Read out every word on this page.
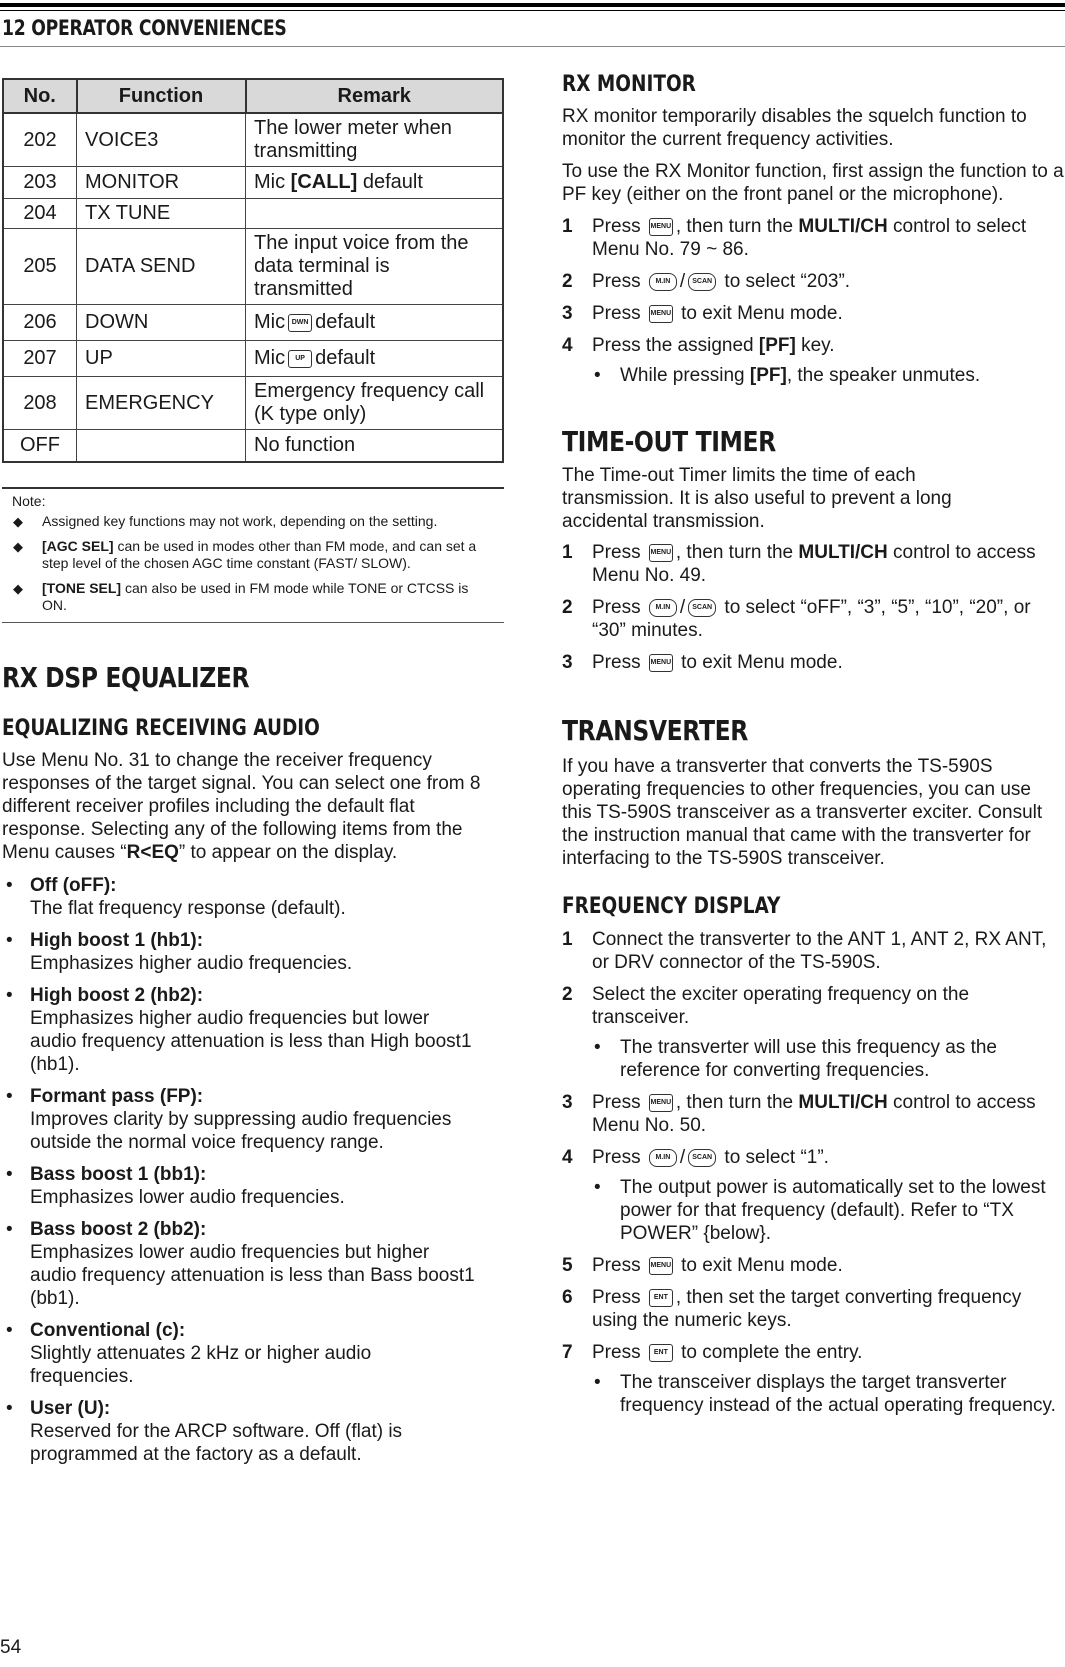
12 OPERATOR CONVENIENCES
No.	Function	Remark
202	VOICE3	The lower meter when transmitting
203	MONITOR	Mic [CALL] default
204	TX TUNE	
205	DATA SEND	The input voice from the data terminal is transmitted
206	DOWN	Mic DWN default
207	UP	Mic UP default
208	EMERGENCY	Emergency frequency call (K type only)
OFF		No function
Note:
◆ Assigned key functions may not work, depending on the setting.
◆ [AGC SEL] can be used in modes other than FM mode, and can set a step level of the chosen AGC time constant (FAST/ SLOW).
◆ [TONE SEL] can also be used in FM mode while TONE or CTCSS is ON.
RX DSP EQUALIZER
EQUALIZING RECEIVING AUDIO

Use Menu No. 31 to change the receiver frequency responses of the target signal. You can select one from 8 different receiver profiles including the default flat response. Selecting any of the following items from the Menu causes “R<EQ” to appear on the display.

• Off (oFF):
The flat frequency response (default).
• High boost 1 (hb1):
Emphasizes higher audio frequencies.
• High boost 2 (hb2):
Emphasizes higher audio frequencies but lower audio frequency attenuation is less than High boost1 (hb1).
• Formant pass (FP):
Improves clarity by suppressing audio frequencies outside the normal voice frequency range.
• Bass boost 1 (bb1):
Emphasizes lower audio frequencies.
• Bass boost 2 (bb2):
Emphasizes lower audio frequencies but higher audio frequency attenuation is less than Bass boost1 (bb1).
• Conventional (c):
Slightly attenuates 2 kHz or higher audio frequencies.
• User (U):
Reserved for the ARCP software. Off (flat) is programmed at the factory as a default.
RX MONITOR

RX monitor temporarily disables the squelch function to monitor the current frequency activities.

To use the RX Monitor function, first assign the function to a PF key (either on the front panel or the microphone).

1 Press MENU , then turn the MULTI/CH control to select Menu No. 79 ~ 86.
2 Press M.IN / SCAN to select “203”.
3 Press MENU to exit Menu mode.
4 Press the assigned [PF] key.
• While pressing [PF], the speaker unmutes.
TIME-OUT TIMER

The Time-out Timer limits the time of each transmission. It is also useful to prevent a long accidental transmission.

1 Press MENU , then turn the MULTI/CH control to access Menu No. 49.
2 Press M.IN / SCAN to select “oFF”, “3”, “5”, “10”, “20”, or “30” minutes.
3 Press MENU to exit Menu mode.
TRANSVERTER

If you have a transverter that converts the TS-590S operating frequencies to other frequencies, you can use this TS-590S transceiver as a transverter exciter. Consult the instruction manual that came with the transverter for interfacing to the TS-590S transceiver.

FREQUENCY DISPLAY
1 Connect the transverter to the ANT 1, ANT 2, RX ANT, or DRV connector of the TS-590S.
2 Select the exciter operating frequency on the transceiver.
• The transverter will use this frequency as the reference for converting frequencies.
3 Press MENU , then turn the MULTI/CH control to access Menu No. 50.
4 Press M.IN / SCAN to select “1”.
• The output power is automatically set to the lowest power for that frequency (default). Refer to “TX POWER” {below}.
5 Press MENU to exit Menu mode.
6 Press ENT , then set the target converting frequency using the numeric keys.
7 Press ENT to complete the entry.
• The transceiver displays the target transverter frequency instead of the actual operating frequency.
54
